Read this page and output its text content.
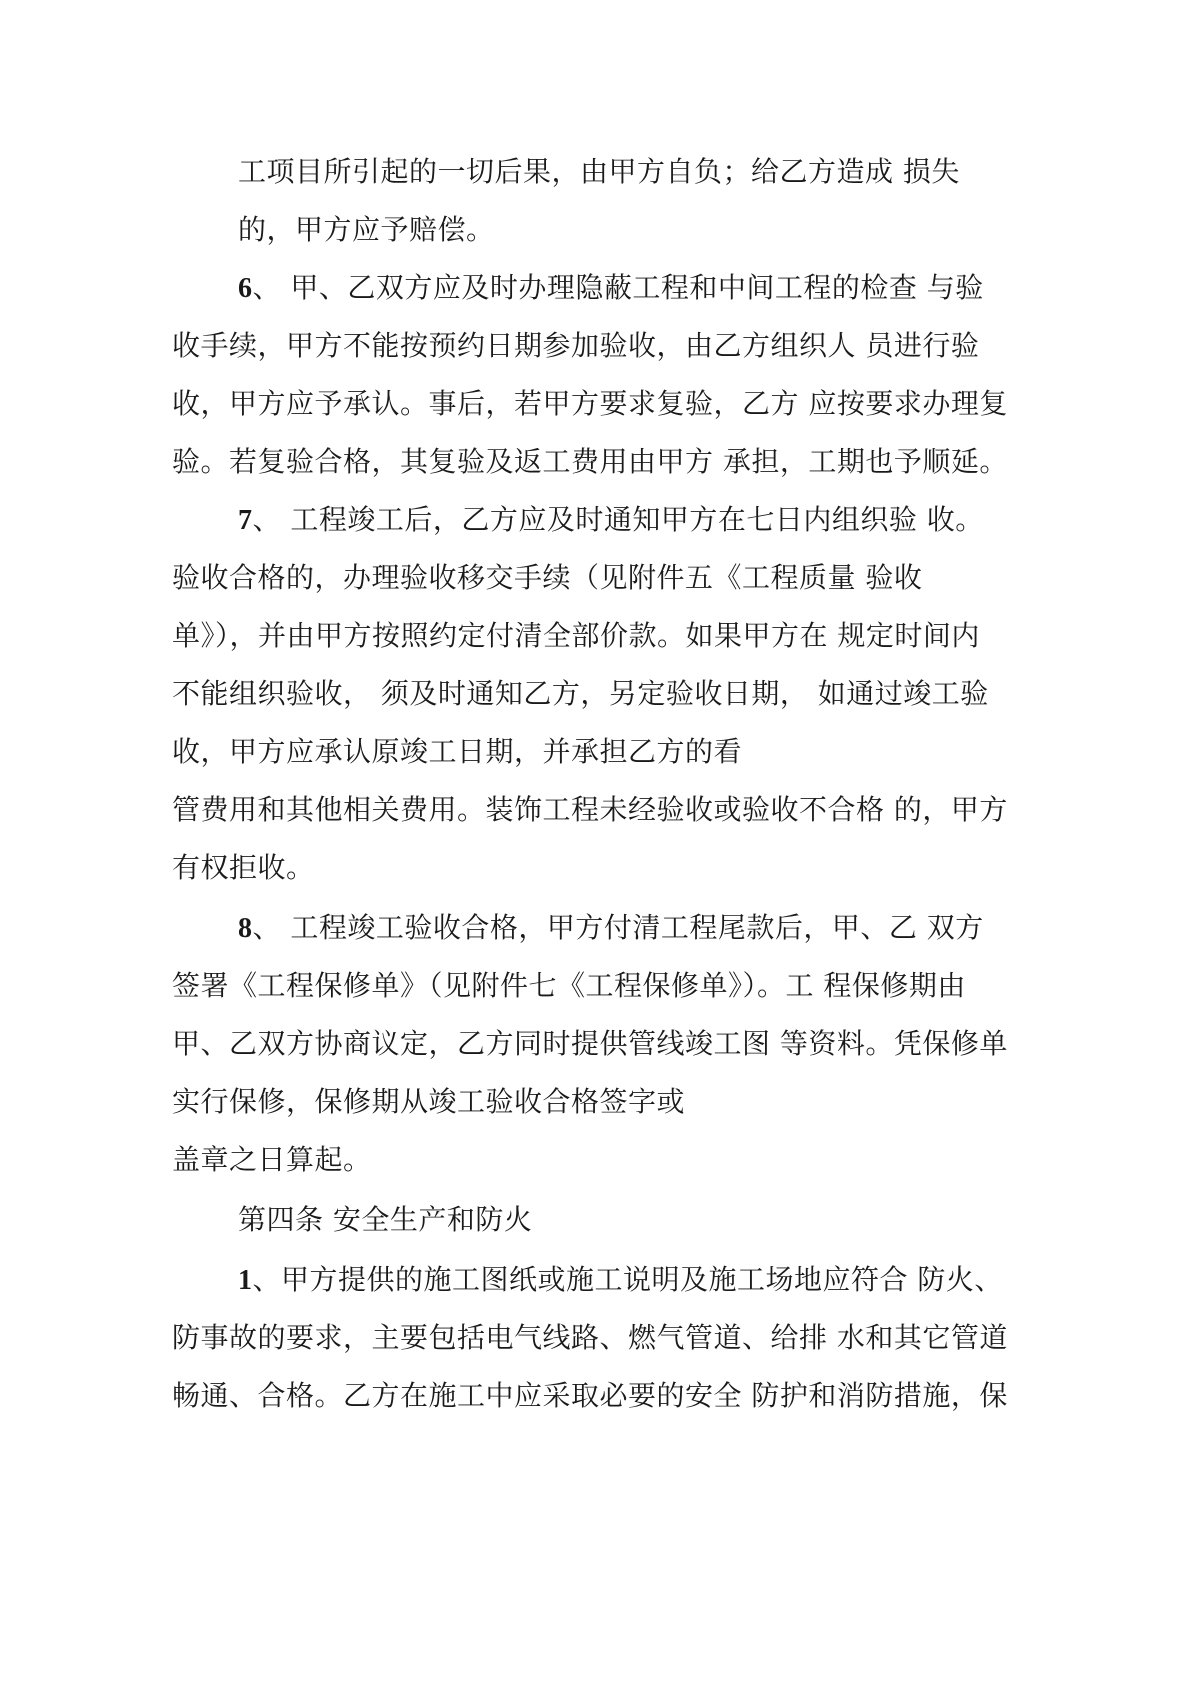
工项目所引起的一切后果，由甲方自负；给乙方造成 损失
的，甲方应予赔偿。
6、 甲、乙双方应及时办理隐蔽工程和中间工程的检查 与验
收手续，甲方不能按预约日期参加验收，由乙方组织人 员进行验
收，甲方应予承认。事后，若甲方要求复验，乙方 应按要求办理复
验。若复验合格，其复验及返工费用由甲方 承担，工期也予顺延。
7、 工程竣工后，乙方应及时通知甲方在七日内组织验 收。
验收合格的，办理验收移交手续（见附件五《工程质量 验收
单》），并由甲方按照约定付清全部价款。如果甲方在 规定时间内
不能组织验收， 须及时通知乙方，另定验收日期， 如通过竣工验
收，甲方应承认原竣工日期，并承担乙方的看
管费用和其他相关费用。装饰工程未经验收或验收不合格 的，甲方
有权拒收。
8、 工程竣工验收合格，甲方付清工程尾款后，甲、乙 双方
签署《工程保修单》（见附件七《工程保修单》）。工 程保修期由
甲、乙双方协商议定，乙方同时提供管线竣工图 等资料。凭保修单
实行保修，保修期从竣工验收合格签字或
盖章之日算起。
第四条 安全生产和防火
1、甲方提供的施工图纸或施工说明及施工场地应符合 防火、
防事故的要求，主要包括电气线路、燃气管道、给排 水和其它管道
畅通、合格。乙方在施工中应采取必要的安全 防护和消防措施，保
